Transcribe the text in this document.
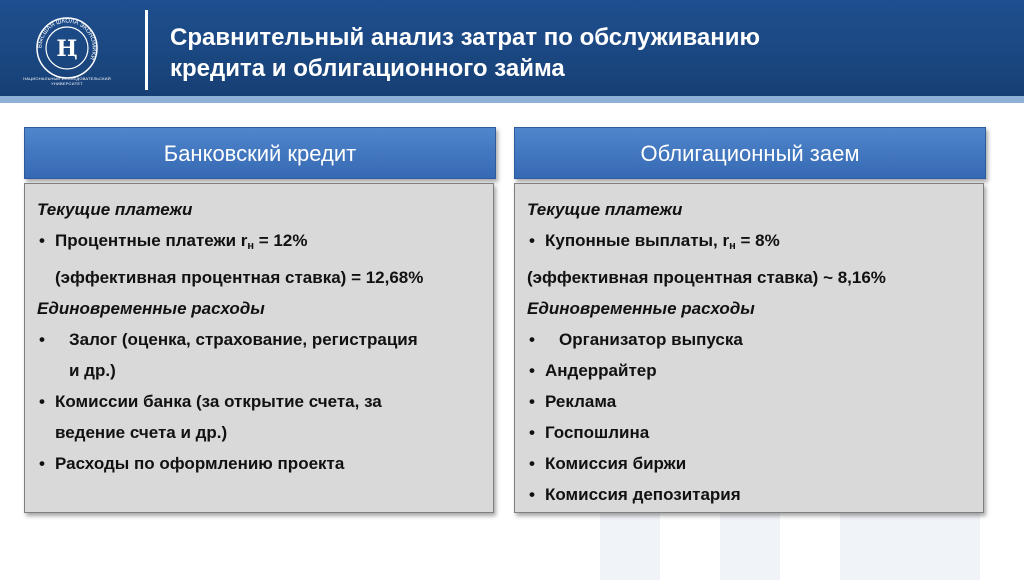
Ң
ВЫСШАЯ ШКОЛА ЭКОНОМИКИ
НАЦИОНАЛЬНЫЙ ИССЛЕДОВАТЕЛЬСКИЙ УНИВЕРСИТЕТ
Сравнительный анализ затрат по обслуживанию
кредита и облигационного займа
Банковский кредит
Текущие платежи
• Процентные платежи $r_н = 12\%$
(эффективная процентная ставка) = 12,68%
Единовременные расходы
• Залог (оценка, страхование, регистрация
и др.)
• Комиссии банка (за открытие счета, за
ведение счета и др.)
• Расходы по оформлению проекта
Облигационный заем
Текущие платежи
• Купонные выплаты, $r_н = 8\%$
(эффективная процентная ставка) ~ 8,16%
Единовременные расходы
• Организатор выпуска
• Андеррайтер
• Реклама
• Госпошлина
• Комиссия биржи
• Комиссия депозитария
